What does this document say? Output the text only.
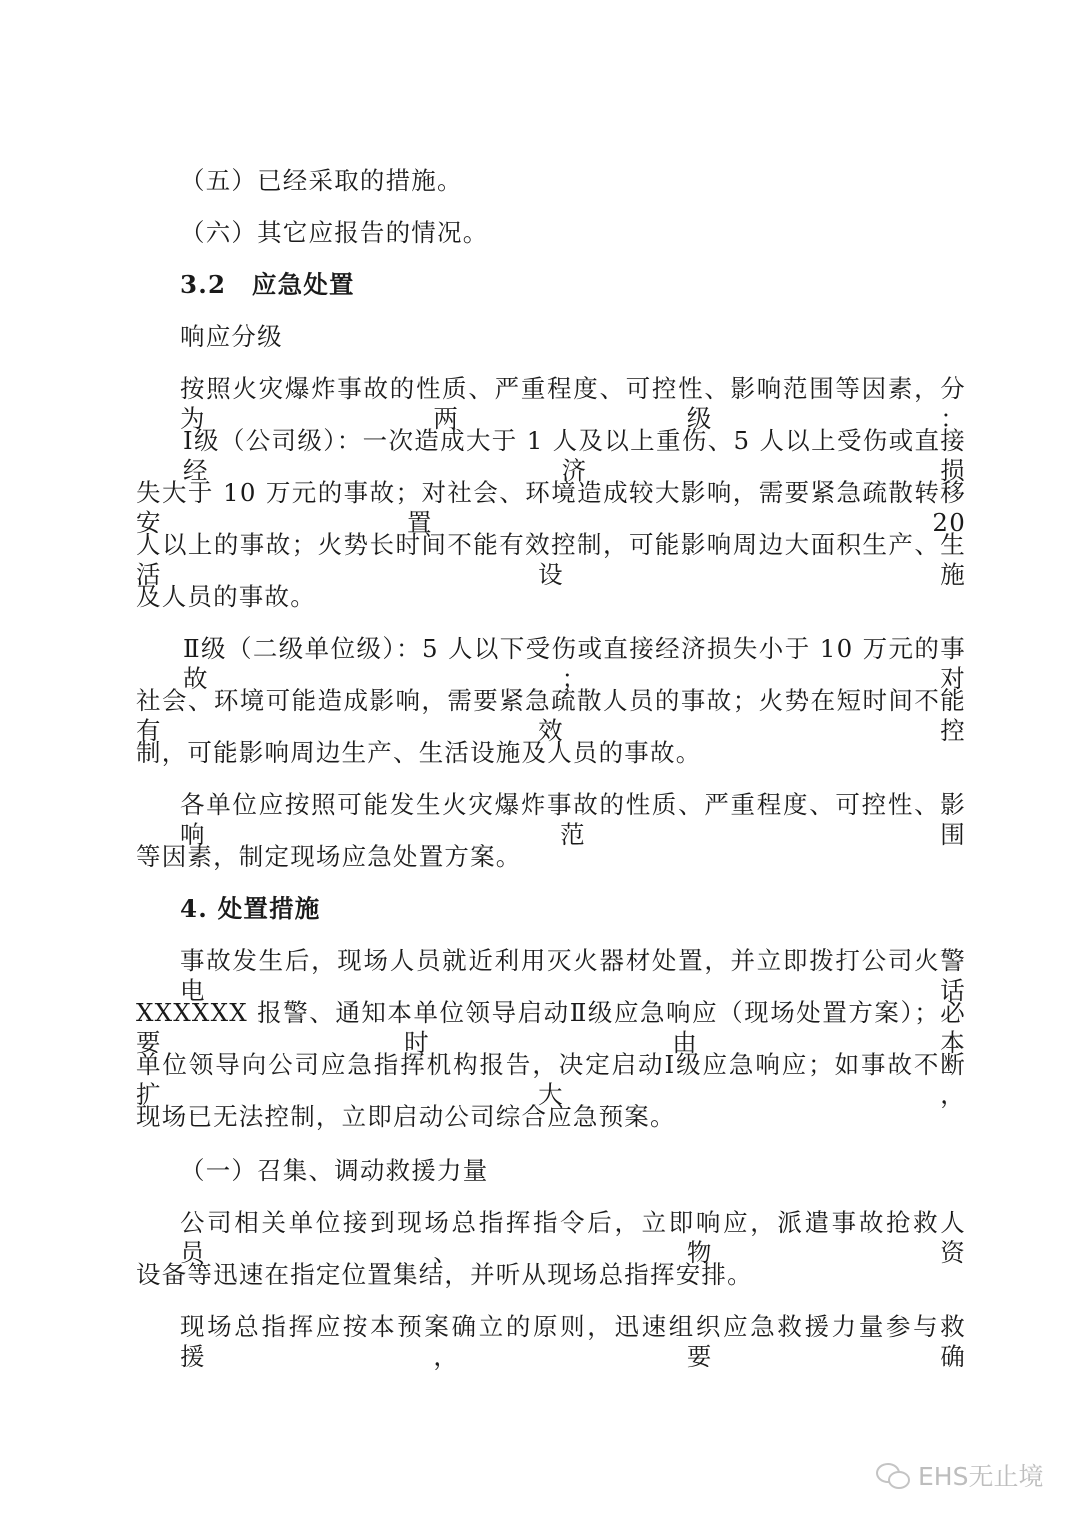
（五）已经采取的措施。
（六）其它应报告的情况。
3.2　应急处置
响应分级
按照火灾爆炸事故的性质、严重程度、可控性、影响范围等因素，分为两级：
Ⅰ级（公司级）：一次造成大于 1 人及以上重伤、5 人以上受伤或直接经济损
失大于 10 万元的事故；对社会、环境造成较大影响，需要紧急疏散转移安置 20
人以上的事故；火势长时间不能有效控制，可能影响周边大面积生产、生活设施
及人员的事故。
Ⅱ级（二级单位级）：5 人以下受伤或直接经济损失小于 10 万元的事故；对
社会、环境可能造成影响，需要紧急疏散人员的事故；火势在短时间不能有效控
制，可能影响周边生产、生活设施及人员的事故。
各单位应按照可能发生火灾爆炸事故的性质、严重程度、可控性、影响范围
等因素，制定现场应急处置方案。
4. 处置措施
事故发生后，现场人员就近利用灭火器材处置，并立即拨打公司火警电话
XXXXXX 报警、通知本单位领导启动Ⅱ级应急响应（现场处置方案）；必要时由本
单位领导向公司应急指挥机构报告，决定启动Ⅰ级应急响应；如事故不断扩大，
现场已无法控制，立即启动公司综合应急预案。
（一）召集、调动救援力量
公司相关单位接到现场总指挥指令后，立即响应，派遣事故抢救人员、物资
设备等迅速在指定位置集结，并听从现场总指挥安排。
现场总指挥应按本预案确立的原则，迅速组织应急救援力量参与救援，要确
EHS无止境
